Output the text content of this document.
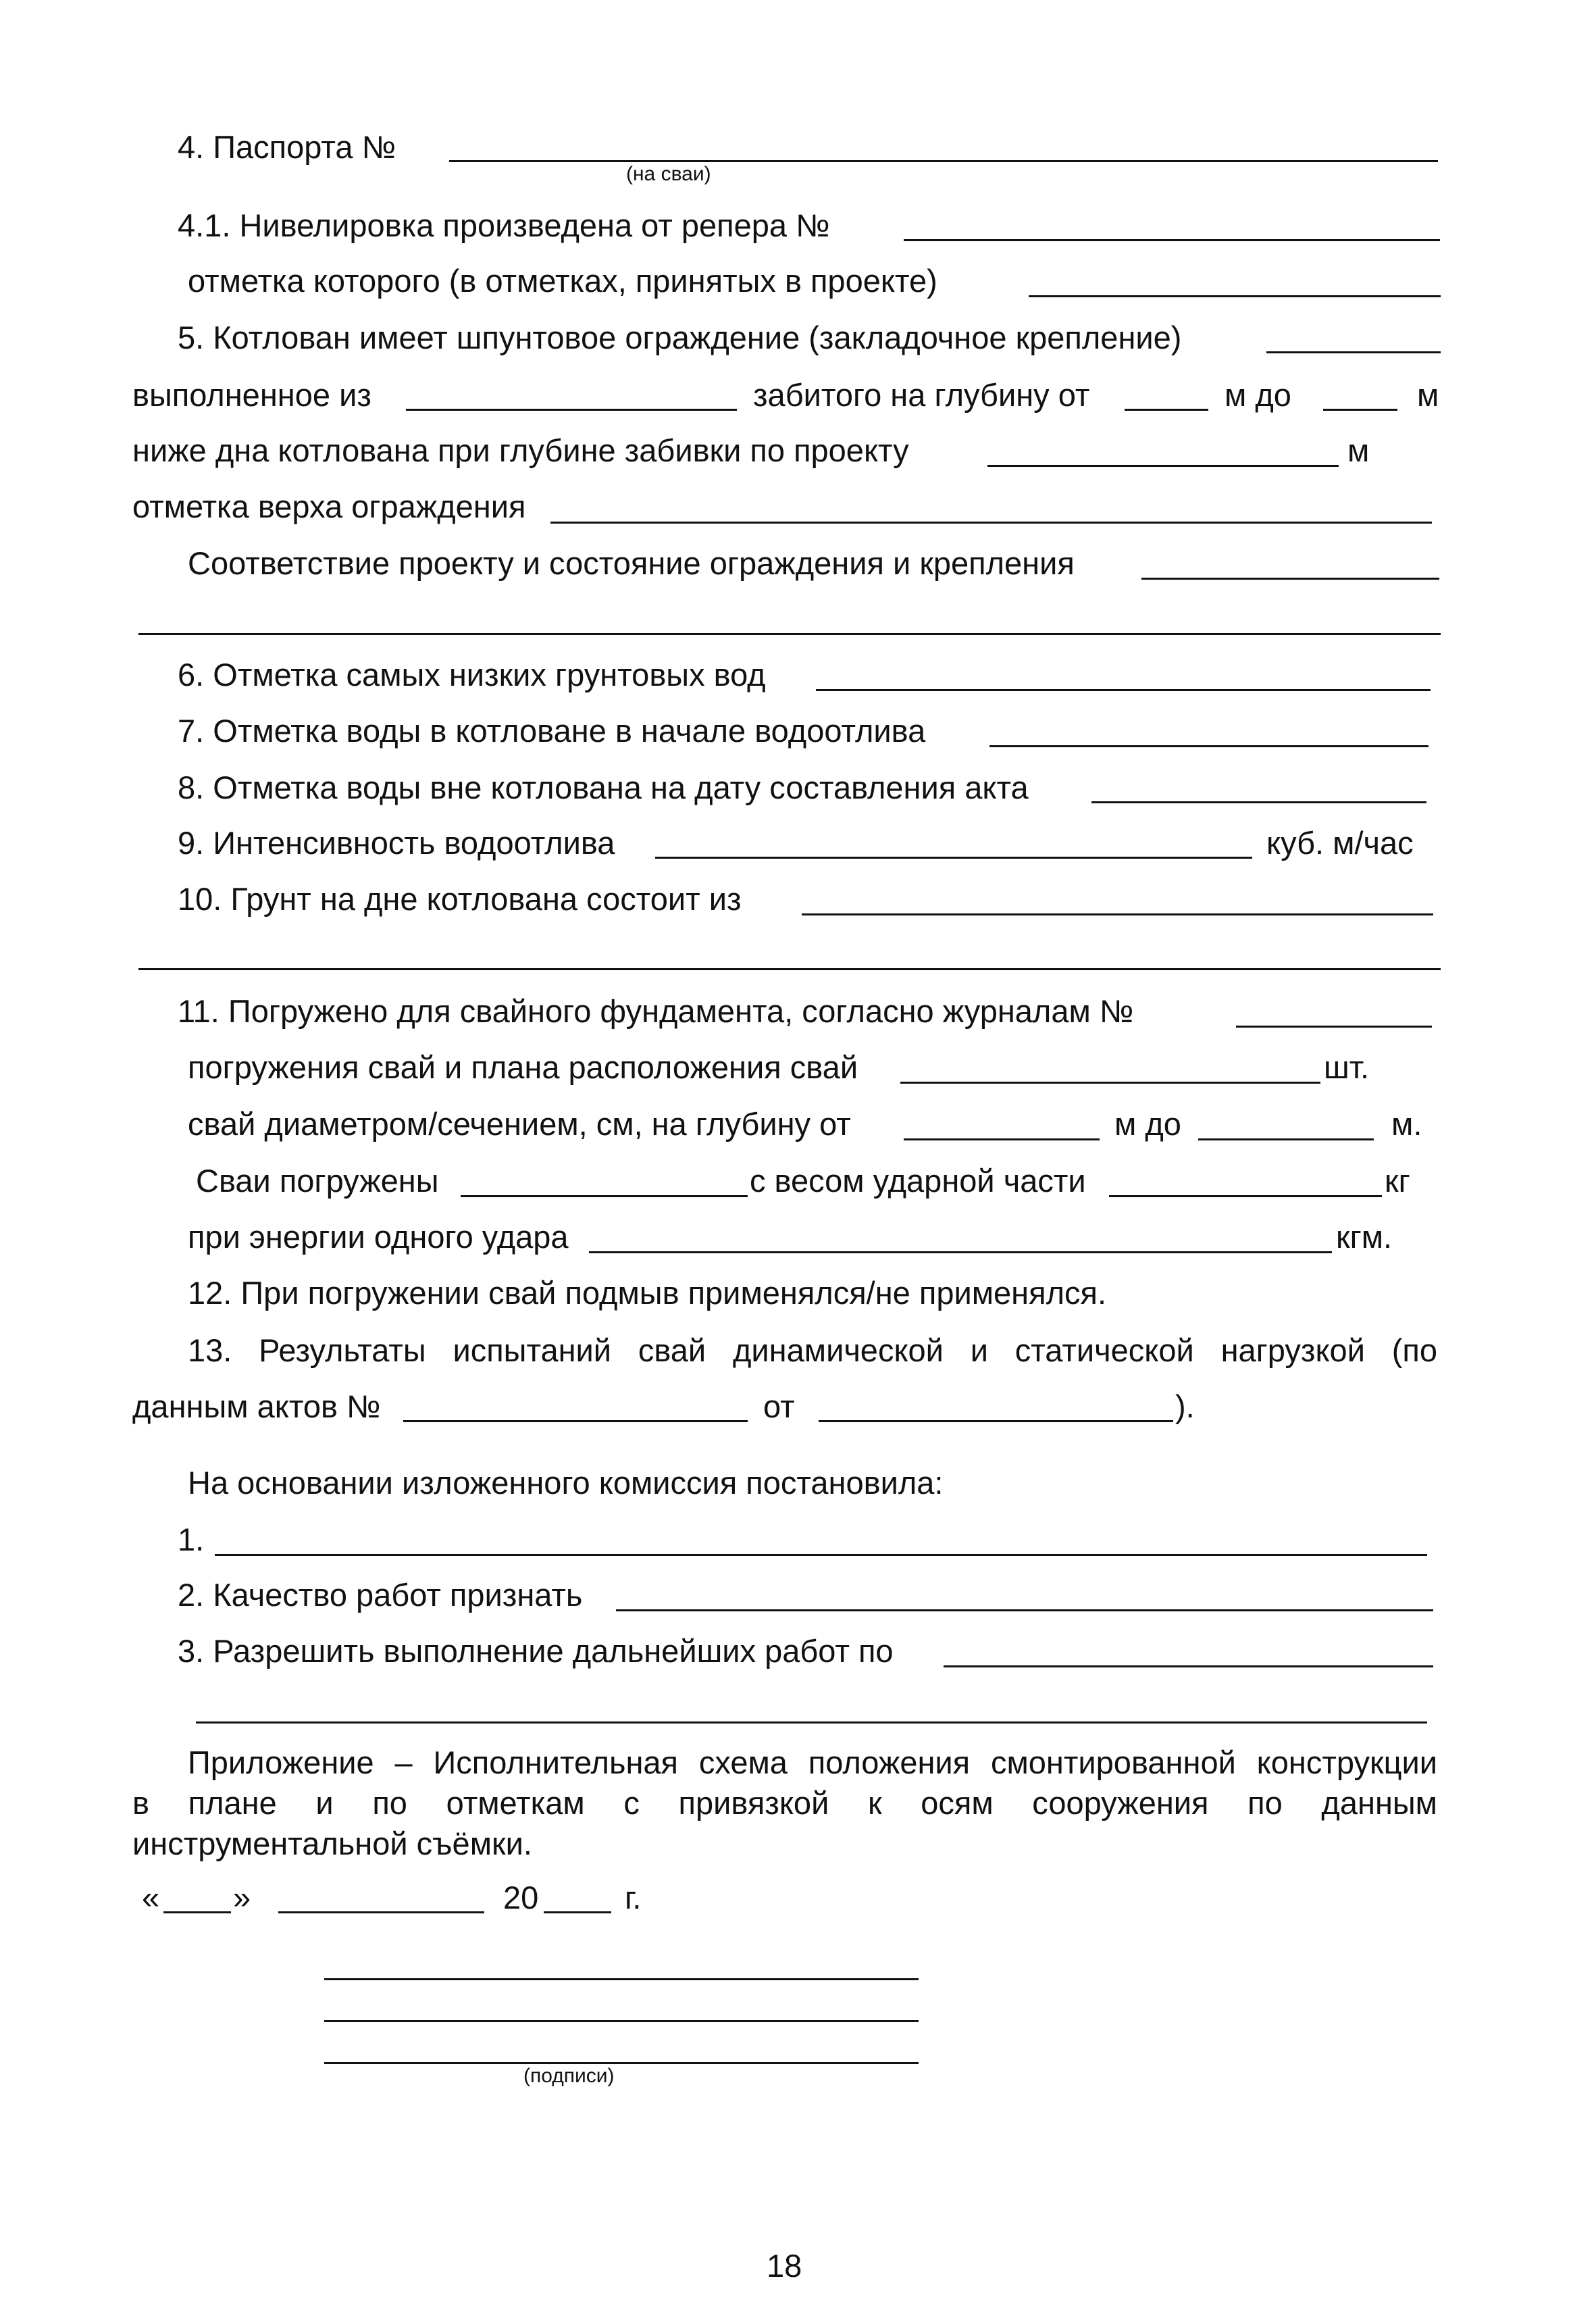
4. Паспорта №
(на сваи)
4.1. Нивелировка произведена от репера №
отметка которого (в отметках, принятых в проекте)
5. Котлован имеет шпунтовое ограждение (закладочное крепление)
выполненное из	забитого на глубину от	м до	м
ниже дна котлована при глубине забивки по проекту	м
отметка верха ограждения
Соответствие проекту и состояние ограждения и крепления
6. Отметка самых низких грунтовых вод
7. Отметка воды в котловане в начале водоотлива
8. Отметка воды вне котлована на дату составления акта
9. Интенсивность водоотлива	куб. м/час
10. Грунт на дне котлована состоит из
11. Погружено для свайного фундамента, согласно журналам №
погружения свай и плана расположения свай	шт.
свай диаметром/сечением, см, на глубину от	м до	м.
Сваи погружены	с весом ударной части	кг
при энергии одного удара	кгм.
12. При погружении свай подмыв применялся/не применялся.
13. Результаты испытаний свай динамической и статической нагрузкой (по
данным актов №	от	).
На основании изложенного комиссия постановила:
1.
2. Качество работ признать
3. Разрешить выполнение дальнейших работ по
Приложение – Исполнительная схема положения смонтированной конструкции
в плане и по отметкам с привязкой к осям сооружения по данным
инструментальной съёмки.
« »	20	г.
(подписи)
18
